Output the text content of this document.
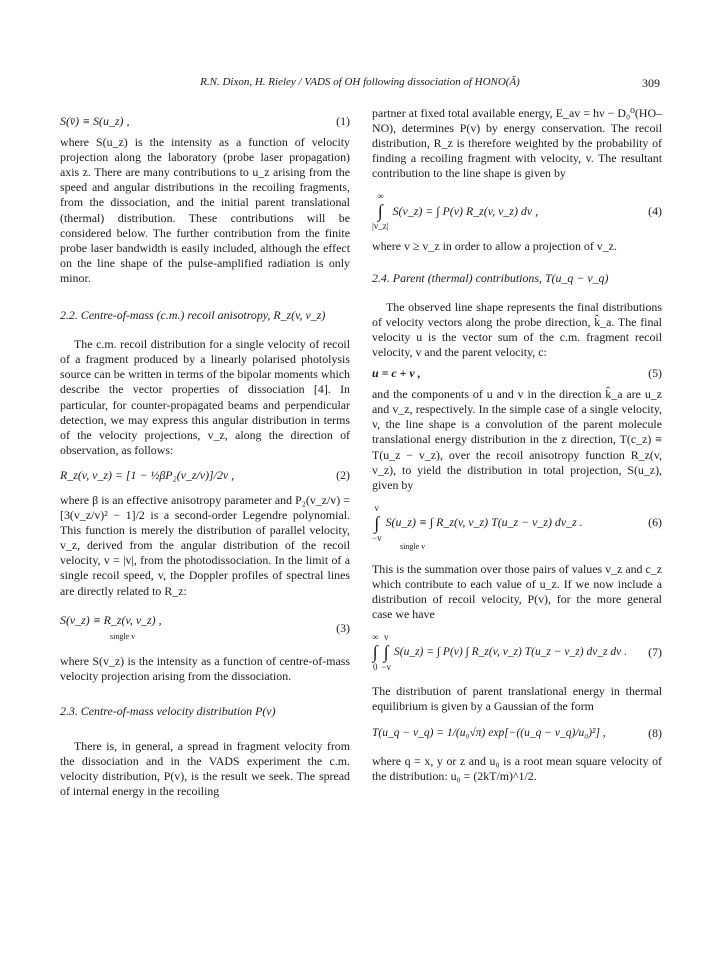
R.N. Dixon, H. Rieley / VADS of OH following dissociation of HONO(Ã)	309
S(v̄) ≡ S(u_z) ,	(1)

where S(u_z) is the intensity as a function of velocity projection along the laboratory (probe laser propagation) axis z. There are many contributions to u_z arising from the speed and angular distributions in the recoiling fragments, from the dissociation, and the initial parent translational (thermal) distribution. These contributions will be considered below. The further contribution from the finite probe laser bandwidth is easily included, although the effect on the line shape of the pulse-amplified radiation is only minor.

2.2. Centre-of-mass (c.m.) recoil anisotropy, R_z(v, v_z)

The c.m. recoil distribution for a single velocity of recoil of a fragment produced by a linearly polarised photolysis source can be written in terms of the bipolar moments which describe the vector properties of dissociation [4]. In particular, for counter-propagated beams and perpendicular detection, we may express this angular distribution in terms of the velocity projections, v_z, along the direction of observation, as follows:

R_z(v, v_z) = [1 − ½βP₂(v_z/v)]/2v ,	(2)

where β is an effective anisotropy parameter and P₂(v_z/v) = [3(v_z/v)² − 1]/2 is a second-order Legendre polynomial. This function is merely the distribution of parallel velocity, v_z, derived from the angular distribution of the recoil velocity, v = |v|, from the photodissociation. In the limit of a single recoil speed, v, the Doppler profiles of spectral lines are directly related to R_z:

S(v_z) ≡ R_z(v, v_z) ,
single v
(3)

where S(v_z) is the intensity as a function of centre-of-mass velocity projection arising from the dissociation.

2.3. Centre-of-mass velocity distribution P(v)

There is, in general, a spread in fragment velocity from the dissociation and in the VADS experiment the c.m. velocity distribution, P(v), is the result we seek. The spread of internal energy in the recoiling

partner at fixed total available energy, E_av = hν − D₀⁰(HO–NO), determines P(v) by energy conservation. The recoil distribution, R_z is therefore weighted by the probability of finding a recoiling fragment with velocity, v. The resultant contribution to the line shape is given by

∞
∫
|v_z|
S(v_z) = ∫ P(v) R_z(v, v_z) dv ,	(4)

where v ≥ v_z in order to allow a projection of v_z.

2.4. Parent (thermal) contributions, T(u_q − v_q)

The observed line shape represents the final distributions of velocity vectors along the probe direction, k̂_a. The final velocity u is the vector sum of the c.m. fragment recoil velocity, v and the parent velocity, c:

u = c + v ,	(5)

and the components of u and v in the direction k̂_a are u_z and v_z, respectively. In the simple case of a single velocity, v, the line shape is a convolution of the parent molecule translational energy distribution in the z direction, T(c_z) ≡ T(u_z − v_z), over the recoil anisotropy function R_z(v, v_z), to yield the distribution in total projection, S(u_z), given by

v
∫
−v
S(u_z) ≡ ∫ R_z(v, v_z) T(u_z − v_z) dv_z .	(6)
single v

This is the summation over those pairs of values v_z and c_z which contribute to each value of u_z. If we now include a distribution of recoil velocity, P(v), for the more general case we have

∞
∫
0
v
∫
−v
S(u_z) = ∫ P(v) ∫ R_z(v, v_z) T(u_z − v_z) dv_z dv . (7)

The distribution of parent translational energy in thermal equilibrium is given by a Gaussian of the form

T(u_q − v_q) = 1/(u₀√π) exp[−((u_q − v_q)/u₀)²] ,	(8)

where q = x, y or z and u₀ is a root mean square velocity of the distribution: u₀ = (2kT/m)^1/2.
